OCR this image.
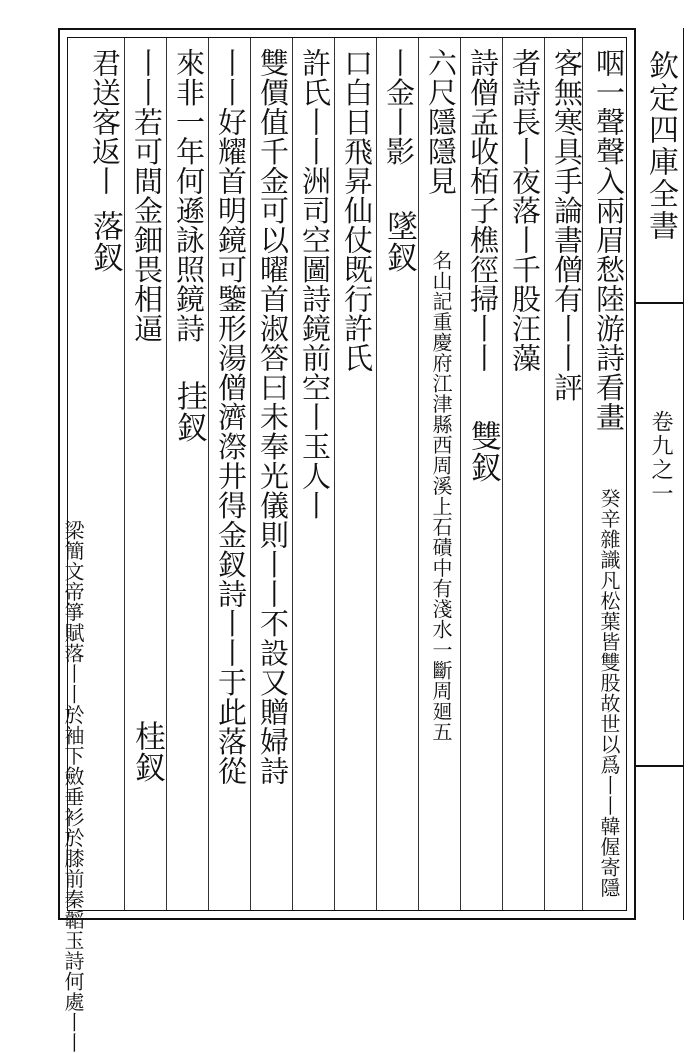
欽定四庫全書
卷九之一
咽一聲聲入兩眉愁陸游詩看畫
癸辛雜識凡松葉皆雙股故世以爲丨丨韓偓寄隱
客無寒具手論書僧有丨丨評
者詩長丨夜落丨千股汪藻
詩僧孟收栢子樵徑掃丨丨
雙釵
六尺隱隱見
名山記重慶府江津縣西周溪上石磧中有淺水一斷周廻五
丨金丨影
墜釵
口白日飛昇仙仗既行許氏
許氏丨丨洲司空圖詩鏡前空丨玉人丨
雙價值千金可以曜首淑答曰未奉光儀則丨丨不設又贈婦詩
丨丨好耀首明鏡可鑒形湯僧濟漈井得金釵詩丨丨于此落從
來非一年何遜詠照鏡詩
挂釵
丨丨若可間金鈿畏相逼
桂釵
君送客返丨
落釵
梁簡文帝箏賦落丨丨於袖下斂垂衫於膝前秦韜玉詩何處丨丨
